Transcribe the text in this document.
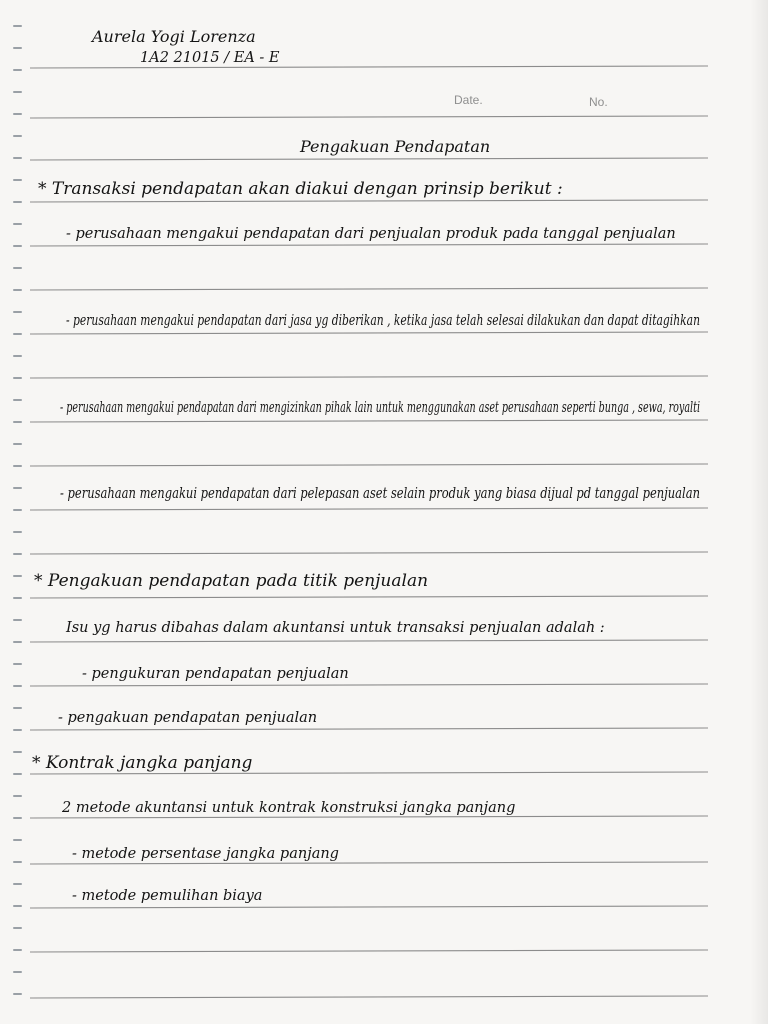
Aurela Yogi Lorenza
1A2 21015 / EA - E
Date.	No.
Pengakuan Pendapatan
* Transaksi pendapatan akan diakui dengan prinsip berikut :
- perusahaan mengakui pendapatan dari penjualan produk pada tanggal penjualan
- perusahaan mengakui pendapatan dari jasa yg diberikan , ketika jasa telah selesai dilakukan dan dapat ditagihkan
- perusahaan mengakui pendapatan dari mengizinkan pihak lain untuk menggunakan aset perusahaan seperti bunga , sewa, royalti
- perusahaan mengakui pendapatan dari pelepasan aset selain produk yang biasa dijual pd tanggal penjualan
* Pengakuan pendapatan pada titik penjualan
Isu yg harus dibahas dalam akuntansi untuk transaksi penjualan adalah :
- pengukuran pendapatan penjualan
- pengakuan pendapatan penjualan
* Kontrak jangka panjang
2 metode akuntansi untuk kontrak konstruksi jangka panjang
- metode persentase jangka panjang
- metode pemulihan biaya
